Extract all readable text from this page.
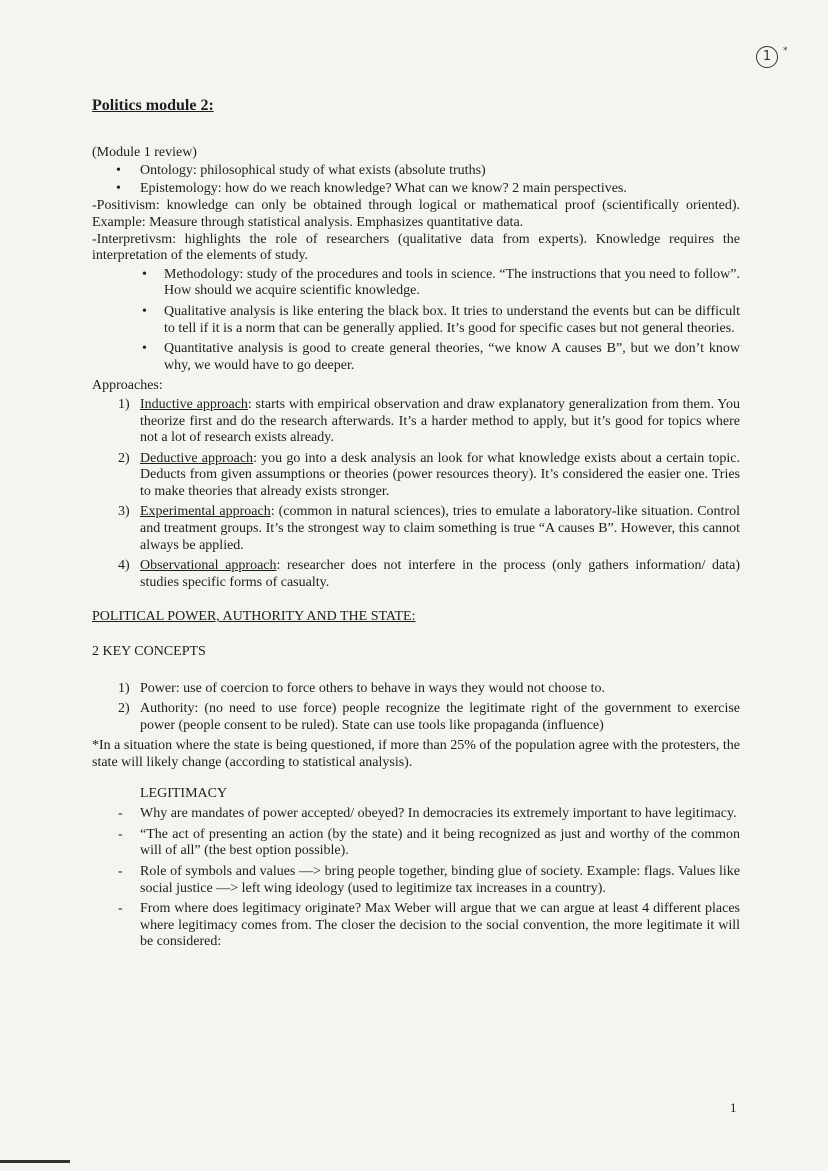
1 *
Politics module 2:

(Module 1 review)

• Ontology: philosophical study of what exists (absolute truths)
• Epistemology: how do we reach knowledge? What can we know? 2 main perspectives.

-Positivism: knowledge can only be obtained through logical or mathematical proof (scientifically oriented). Example: Measure through statistical analysis. Emphasizes quantitative data.

-Interpretivsm: highlights the role of researchers (qualitative data from experts). Knowledge requires the interpretation of the elements of study.

• Methodology: study of the procedures and tools in science. “The instructions that you need to follow”. How should we acquire scientific knowledge.
• Qualitative analysis is like entering the black box. It tries to understand the events but can be difficult to tell if it is a norm that can be generally applied. It’s good for specific cases but not general theories.
• Quantitative analysis is good to create general theories, “we know A causes B”, but we don’t know why, we would have to go deeper.

Approaches:

1) Inductive approach: starts with empirical observation and draw explanatory generalization from them. You theorize first and do the research afterwards. It’s a harder method to apply, but it’s good for topics where not a lot of research exists already.
2) Deductive approach: you go into a desk analysis an look for what knowledge exists about a certain topic. Deducts from given assumptions or theories (power resources theory). It’s considered the easier one. Tries to make theories that already exists stronger.
3) Experimental approach: (common in natural sciences), tries to emulate a laboratory-like situation. Control and treatment groups. It’s the strongest way to claim something is true “A causes B”. However, this cannot always be applied.
4) Observational approach: researcher does not interfere in the process (only gathers information/ data) studies specific forms of casualty.

POLITICAL POWER, AUTHORITY AND THE STATE:

2 KEY CONCEPTS

1) Power: use of coercion to force others to behave in ways they would not choose to.
2) Authority: (no need to use force) people recognize the legitimate right of the government to exercise power (people consent to be ruled). State can use tools like propaganda (influence)

*In a situation where the state is being questioned, if more than 25% of the population agree with the protesters, the state will likely change (according to statistical analysis).

LEGITIMACY

- Why are mandates of power accepted/ obeyed? In democracies its extremely important to have legitimacy.
- “The act of presenting an action (by the state) and it being recognized as just and worthy of the common will of all” (the best option possible).
- Role of symbols and values —> bring people together, binding glue of society. Example: flags. Values like social justice —> left wing ideology (used to legitimize tax increases in a country).
- From where does legitimacy originate? Max Weber will argue that we can argue at least 4 different places where legitimacy comes from. The closer the decision to the social convention, the more legitimate it will be considered:
1
